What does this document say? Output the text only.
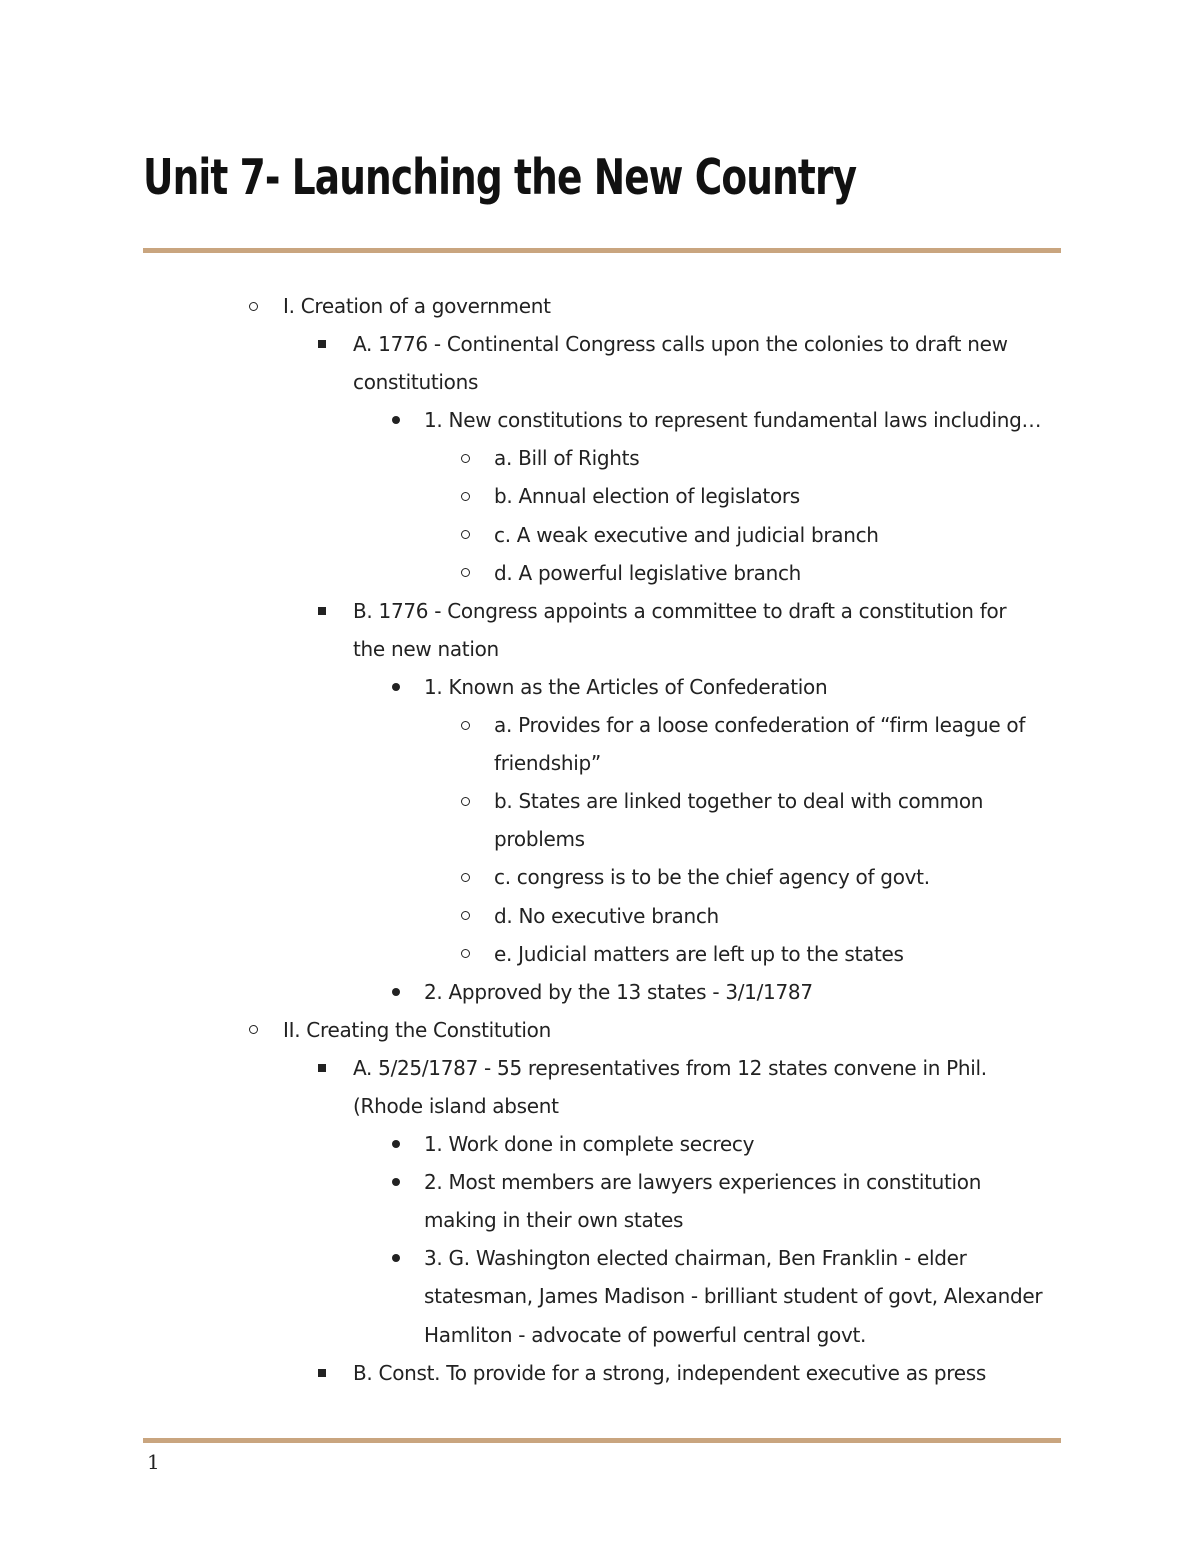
Unit 7- Launching the New Country
I. Creation of a government
A. 1776 - Continental Congress calls upon the colonies to draft new
constitutions
1. New constitutions to represent fundamental laws including…
a. Bill of Rights
b. Annual election of legislators
c. A weak executive and judicial branch
d. A powerful legislative branch
B. 1776 - Congress appoints a committee to draft a constitution for
the new nation
1. Known as the Articles of Confederation
a. Provides for a loose confederation of “firm league of
friendship”
b. States are linked together to deal with common
problems
c. congress is to be the chief agency of govt.
d. No executive branch
e. Judicial matters are left up to the states
2. Approved by the 13 states - 3/1/1787
II. Creating the Constitution
A. 5/25/1787 - 55 representatives from 12 states convene in Phil.
(Rhode island absent
1. Work done in complete secrecy
2. Most members are lawyers experiences in constitution
making in their own states
3. G. Washington elected chairman, Ben Franklin - elder
statesman, James Madison - brilliant student of govt, Alexander
Hamliton - advocate of powerful central govt.
B. Const. To provide for a strong, independent executive as press
1
